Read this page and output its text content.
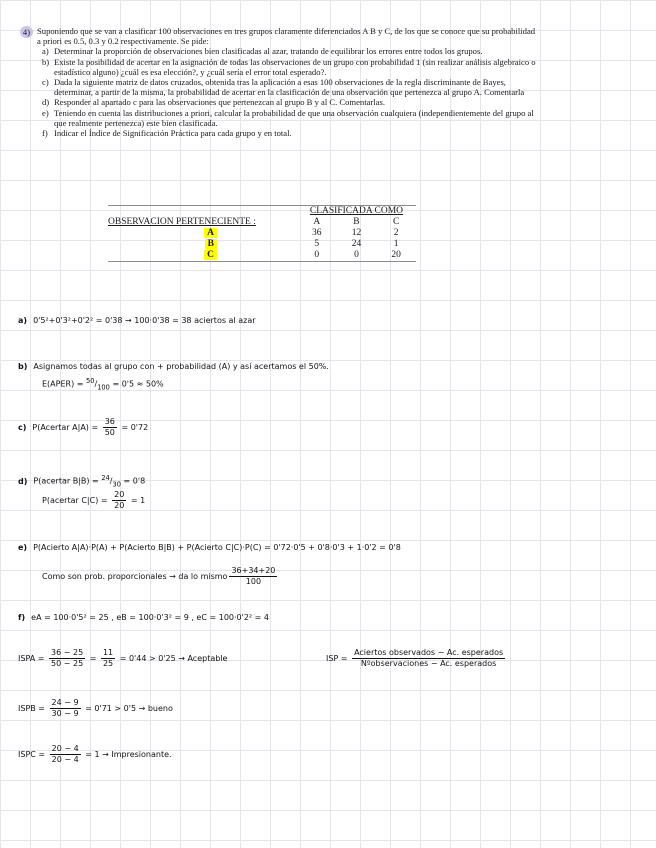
4) Suponiendo que se van a clasificar 100 observaciones en tres grupos claramente diferenciados A B y C, de los que se conoce que su probabilidad a priori es 0.5, 0.3 y 0.2 respectivamente. Se pide:
a) Determinar la proporción de observaciones bien clasificadas al azar, tratando de equilibrar los errores entre todos los grupos.
b) Existe la posibilidad de acertar en la asignación de todas las observaciones de un grupo con probabilidad 1 (sin realizar análisis algebraico o estadístico alguno) ¿cuál es esa elección?, y ¿cuál sería el error total esperado?.
c) Dada la siguiente matriz de datos cruzados, obtenida tras la aplicación a esas 100 observaciones de la regla discriminante de Bayes, determinar, a partir de la misma, la probabilidad de acertar en la clasificación de una observación que pertenezca al grupo A. Comentarla
d) Responder al apartado c para las observaciones que pertenezcan al grupo B y al C. Comentarlas.
e) Teniendo en cuenta las distribuciones a priori, calcular la probabilidad de que una observación cualquiera (independientemente del grupo al que realmente pertenezca) este bien clasificada.
f) Indicar el Índice de Significación Práctica para cada grupo y en total.
	CLASIFICADA COMO		
OBSERVACION PERTENECIENTE :	A	B	C
A	36	12	2
B	5	24	1
C	0	0	20
a) 0'5²+0'3²+0'2² = 0'38 → 100·0'38 = 38 aciertos al azar
b) Asignamos todas al grupo con + probabilidad (A) y así acertamos el 50%.
E(APER) = $^{50}/_{100} = 0'5 \approx 50\%$
c) P(Acertar $A|A) = \frac{36}{50} = 0'72$
d) P(acertar $B|B) = ^{24}/_{30} = 0'8$
P(acertar $C|C) = \frac{20}{20} = 1$
e) P(Acierto A|A)·P(A) + P(Acierto B|B) + P(Acierto C|C)·P(C) = 0'72·0'5 + 0'8·0'3 + 1·0'2 = 0'8
Como son prob. proporcionales → da lo mismo $\frac{36+34+20}{100}$
f) eA = 100·0'5² = 25 , eB = 100·0'3² = 9 , eC = 100·0'2² = 4
ISPA = $\frac{36 - 25}{50 - 25} = \frac{11}{25} = 0'44 > 0'25$ → Aceptable	ISP = $\frac{\text{Aciertos observados − Ac. esperados}}{\text{Nºobservaciones − Ac. esperados}}$
ISPB = $\frac{24 - 9}{30 - 9} = 0'71 > 0'5$ → bueno
ISPC = $\frac{20 - 4}{20 - 4} = 1$ → Impresionante.
